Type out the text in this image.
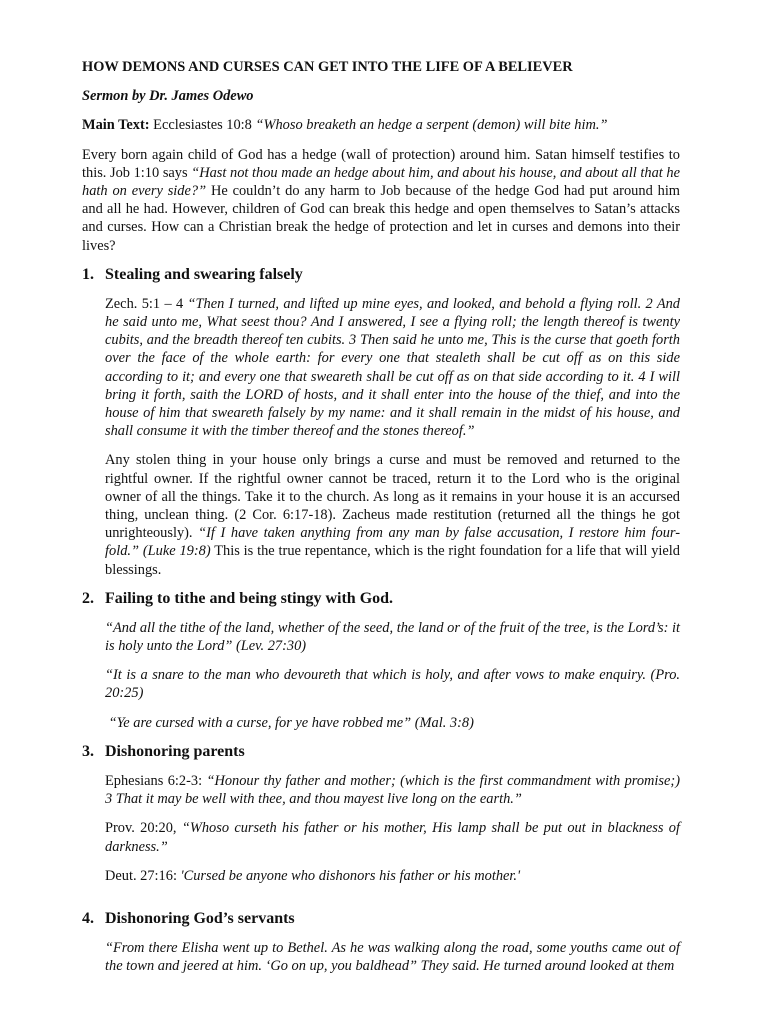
HOW DEMONS AND CURSES CAN GET INTO THE LIFE OF A BELIEVER

Sermon by Dr. James Odewo

Main Text: Ecclesiastes 10:8 “Whoso breaketh an hedge a serpent (demon) will bite him.”

Every born again child of God has a hedge (wall of protection) around him. Satan himself testifies to this. Job 1:10 says “Hast not thou made an hedge about him, and about his house, and about all that he hath on every side?” He couldn’t do any harm to Job because of the hedge God had put around him and all he had. However, children of God can break this hedge and open themselves to Satan’s attacks and curses. How can a Christian break the hedge of protection and let in curses and demons into their lives?

1. Stealing and swearing falsely

Zech. 5:1 – 4 “Then I turned, and lifted up mine eyes, and looked, and behold a flying roll. 2 And he said unto me, What seest thou? And I answered, I see a flying roll; the length thereof is twenty cubits, and the breadth thereof ten cubits. 3 Then said he unto me, This is the curse that goeth forth over the face of the whole earth: for every one that stealeth shall be cut off as on this side according to it; and every one that sweareth shall be cut off as on that side according to it. 4 I will bring it forth, saith the LORD of hosts, and it shall enter into the house of the thief, and into the house of him that sweareth falsely by my name: and it shall remain in the midst of his house, and shall consume it with the timber thereof and the stones thereof.”

Any stolen thing in your house only brings a curse and must be removed and returned to the rightful owner. If the rightful owner cannot be traced, return it to the Lord who is the original owner of all the things. Take it to the church. As long as it remains in your house it is an accursed thing, unclean thing. (2 Cor. 6:17-18). Zacheus made restitution (returned all the things he got unrighteously). “If I have taken anything from any man by false accusation, I restore him four- fold.” (Luke 19:8) This is the true repentance, which is the right foundation for a life that will yield blessings.

2. Failing to tithe and being stingy with God.

“And all the tithe of the land, whether of the seed, the land or of the fruit of the tree, is the Lord’s: it is holy unto the Lord” (Lev. 27:30)

“It is a snare to the man who devoureth that which is holy, and after vows to make enquiry. (Pro. 20:25)

“Ye are cursed with a curse, for ye have robbed me” (Mal. 3:8)

3. Dishonoring parents

Ephesians 6:2-3: “Honour thy father and mother; (which is the first commandment with promise;) 3 That it may be well with thee, and thou mayest live long on the earth.”

Prov. 20:20, “Whoso curseth his father or his mother, His lamp shall be put out in blackness of darkness.”

Deut. 27:16: 'Cursed be anyone who dishonors his father or his mother.'

4. Dishonoring God’s servants

“From there Elisha went up to Bethel. As he was walking along the road, some youths came out of the town and jeered at him. ‘Go on up, you baldhead” They said. He turned around looked at them
